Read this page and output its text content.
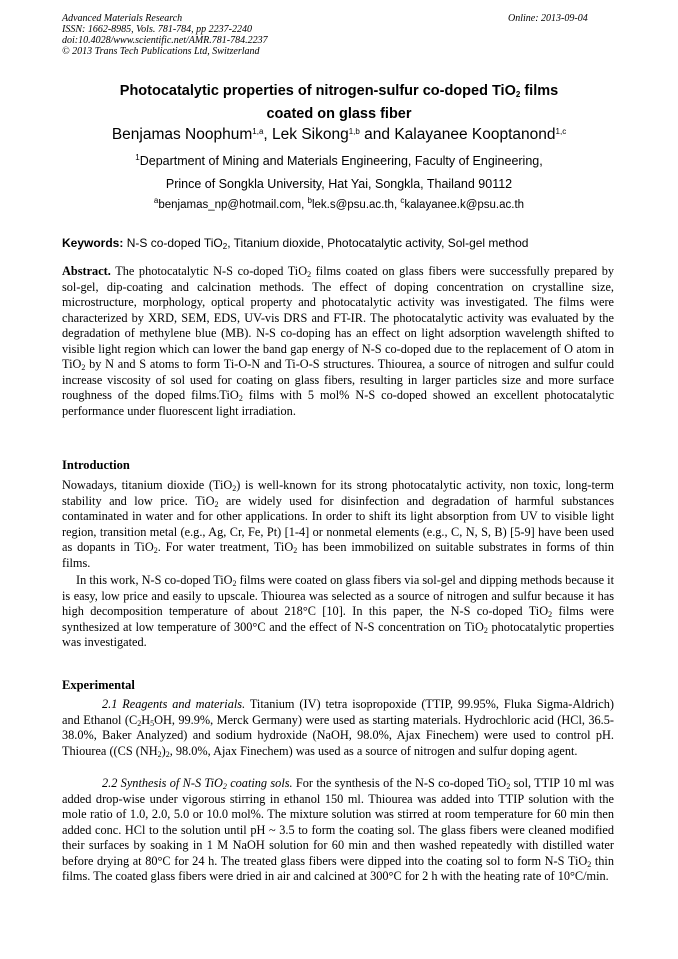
Advanced Materials Research
ISSN: 1662-8985, Vols. 781-784, pp 2237-2240
doi:10.4028/www.scientific.net/AMR.781-784.2237
© 2013 Trans Tech Publications Ltd, Switzerland
Online: 2013-09-04
Photocatalytic properties of nitrogen-sulfur co-doped TiO$_2$ films
coated on glass fiber
Benjamas Noophum$^{1,a}$, Lek Sikong$^{1,b}$ and Kalayanee Kooptanond$^{1,c}$
$^1$Department of Mining and Materials Engineering, Faculty of Engineering,
Prince of Songkla University, Hat Yai, Songkla, Thailand 90112
$^a$benjamas_np@hotmail.com, $^b$lek.s@psu.ac.th, $^c$kalayanee.k@psu.ac.th
Keywords: N-S co-doped TiO$_2$, Titanium dioxide, Photocatalytic activity, Sol-gel method

Abstract. The photocatalytic N-S co-doped TiO$_2$ films coated on glass fibers were successfully prepared by sol-gel, dip-coating and calcination methods. The effect of doping concentration on crystalline size, microstructure, morphology, optical property and photocatalytic activity was investigated. The films were characterized by XRD, SEM, EDS, UV-vis DRS and FT-IR. The photocatalytic activity was evaluated by the degradation of methylene blue (MB). N-S co-doping has an effect on light adsorption wavelength shifted to visible light region which can lower the band gap energy of N-S co-doped due to the replacement of O atom in TiO$_2$ by N and S atoms to form Ti-O-N and Ti-O-S structures. Thiourea, a source of nitrogen and sulfur could increase viscosity of sol used for coating on glass fibers, resulting in larger particles size and more surface roughness of the doped films.TiO$_2$ films with 5 mol% N-S co-doped showed an excellent photocatalytic performance under fluorescent light irradiation.

Introduction

Nowadays, titanium dioxide (TiO$_2$) is well-known for its strong photocatalytic activity, non toxic, long-term stability and low price. TiO$_2$ are widely used for disinfection and degradation of harmful substances contaminated in water and for other applications. In order to shift its light absorption from UV to visible light region, transition metal (e.g., Ag, Cr, Fe, Pt) [1-4] or nonmetal elements (e.g., C, N, S, B) [5-9] have been used as dopants in TiO$_2$. For water treatment, TiO$_2$ has been immobilized on suitable substrates in forms of thin films.

In this work, N-S co-doped TiO$_2$ films were coated on glass fibers via sol-gel and dipping methods because it is easy, low price and easily to upscale. Thiourea was selected as a source of nitrogen and sulfur because it has high decomposition temperature of about 218°C [10]. In this paper, the N-S co-doped TiO$_2$ films were synthesized at low temperature of 300°C and the effect of N-S concentration on TiO$_2$ photocatalytic properties was investigated.

Experimental

2.1 Reagents and materials. Titanium (IV) tetra isopropoxide (TTIP, 99.95%, Fluka Sigma-Aldrich) and Ethanol ($C_2H_5OH$, 99.9%, Merck Germany) were used as starting materials. Hydrochloric acid (HCl, 36.5-38.0%, Baker Analyzed) and sodium hydroxide (NaOH, 98.0%, Ajax Finechem) were used to control pH. Thiourea ((CS $(NH_2)_2$, 98.0%, Ajax Finechem) was used as a source of nitrogen and sulfur doping agent.

2.2 Synthesis of N-S TiO$_2$ coating sols. For the synthesis of the N-S co-doped TiO$_2$ sol, TTIP 10 ml was added drop-wise under vigorous stirring in ethanol 150 ml. Thiourea was added into TTIP solution with the mole ratio of 1.0, 2.0, 5.0 or 10.0 mol%. The mixture solution was stirred at room temperature for 60 min then added conc. HCl to the solution until pH ~ 3.5 to form the coating sol. The glass fibers were cleaned modified their surfaces by soaking in 1 M NaOH solution for 60 min and then washed repeatedly with distilled water before drying at 80°C for 24 h. The treated glass fibers were dipped into the coating sol to form N-S TiO$_2$ thin films. The coated glass fibers were dried in air and calcined at 300°C for 2 h with the heating rate of 10°C/min.
